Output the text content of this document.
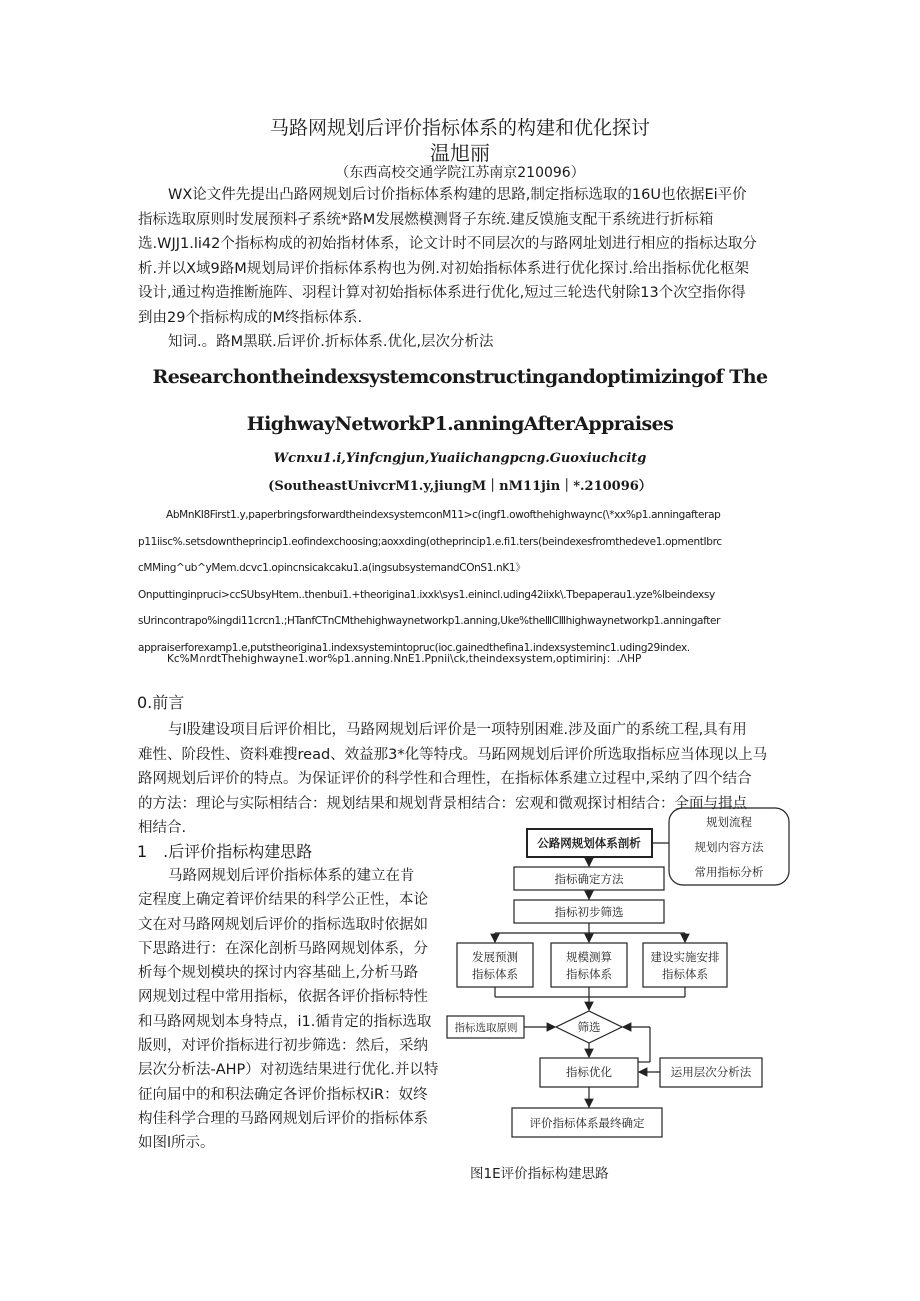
马路网规划后评价指标体系的构建和优化探讨
温旭丽
（东西高校交通学院江苏南京210096）

WX论文件先提出凸路网规划后讨价指标体系构建的思路,制定指标选取的16U也依据Ei平价

指标选取原则时发展预料孑系统*路M发展燃模测肾子东统.建反馍施支配干系统进行折标箱

选.WJJ1.li42个指标构成的初始指材体系，论文计时不同层次的与路网址划进行相应的指标达取分

析.并以X域9路M规划局评价指标体系构也为例.对初始指标体系进行优化探讨.给出指标优化枢架

设计,通过构造推断施阵、羽程计算对初始指标体系进行优化,短过三轮迭代射除13个次空指你得

到由29个指标构成的M终指标体系.

知词.。路M黑联.后评价.折标体系.优化,层次分析法
Researchontheindexsystemconstructingandoptimizingof The
HighwayNetworkP1.anningAfterAppraises
Wcnxu1.i,Yinfcngjun,Yuaiichangpcng.Guoxiuchcitg
(SoutheastUnivcrM1.y,jiungM｜nM11jin｜*.210096）
AbMnKI8First1.y,paperbringsforwardtheindexsystemconM11>c(ingf1.owofthehighwaync(\*xx%p1.anningafterap
p11iisc%.setsdowntheprincip1.eofindexchoosing;aoxxding(otheprincip1.e.fi1.ters(beindexesfromthedeve1.opmentIbrc
cMMing^ub^yMem.dcvc1.opincnsicakcaku1.a(ingsubsystemandCOnS1.nK1》
Onputtinginpruci>ccSUbsyHtem..thenbui1.+theorigina1.ixxk\sys1.einincl.uding42iixk\.Tbepaperau1.yze%lbeindexsy
sUrincontrapo%ingdi11crcn1.;HTanfCTnCMthehighwaynetworkp1.anning,Uke%theⅢCⅢhighwaynetworkp1.anningafter
appraiserforexamp1.e,putstheorigina1.indexsystemintopruc(ioc.gainedthefina1.indexsysteminc1.uding29index.
Kc%M∩rdtThehighwayne1.wor%p1.anning.NnE1.Ppnii\ck,theindexsystem,optimirinj：.ΛHP
0.前言

与l股建设项目后评价相比，马路网规划后评价是一项特别困难.涉及面广的系统工程,具有用

难性、阶段性、资料难搜read、效益那3*化等特戌。马跖网规划后评价所选取指标应当体现以上马

路网规划后评价的特点。为保证评价的科学性和合理性，在指标体系建立过程中,采纳了四个结合

的方法：理论与实际相结合：规划结果和规划背景相结合：宏观和微观探讨相结合：全面与揖点

相结合.

1　.后评价指标构建思路

马路网规划后评价指标体系的建立在肯

定程度上确定着评价结果的科学公正性，本论

文在对马路网规划后评价的指标选取时依据如

下思路进行：在深化剖析马路网规划体系，分

析每个规划模块的探讨内容基础上,分析马路

网规划过程中常用指标，依据各评价指标特性

和马路网规划本身特点，i1.循肯定的指标选取

版则，对评价指标进行初步筛选：然后，采纳

层次分析法-AHP）对初选结果进行优化.并以特

征向届中的和积法确定各评价指标权iR：奴终

构佳科学合理的马路网规划后评价的指标体系

如图l所示。

公路网规划体系剖析
规划流程
规划内容方法
常用指标分析
指标确定方法
指标初步筛选
发展预测
指标体系
规模测算
指标体系
建设实施安排
指标体系
指标选取原则	筛选
指标优化	运用层次分析法
评价指标体系最终确定
图1E评价指标构建思路
